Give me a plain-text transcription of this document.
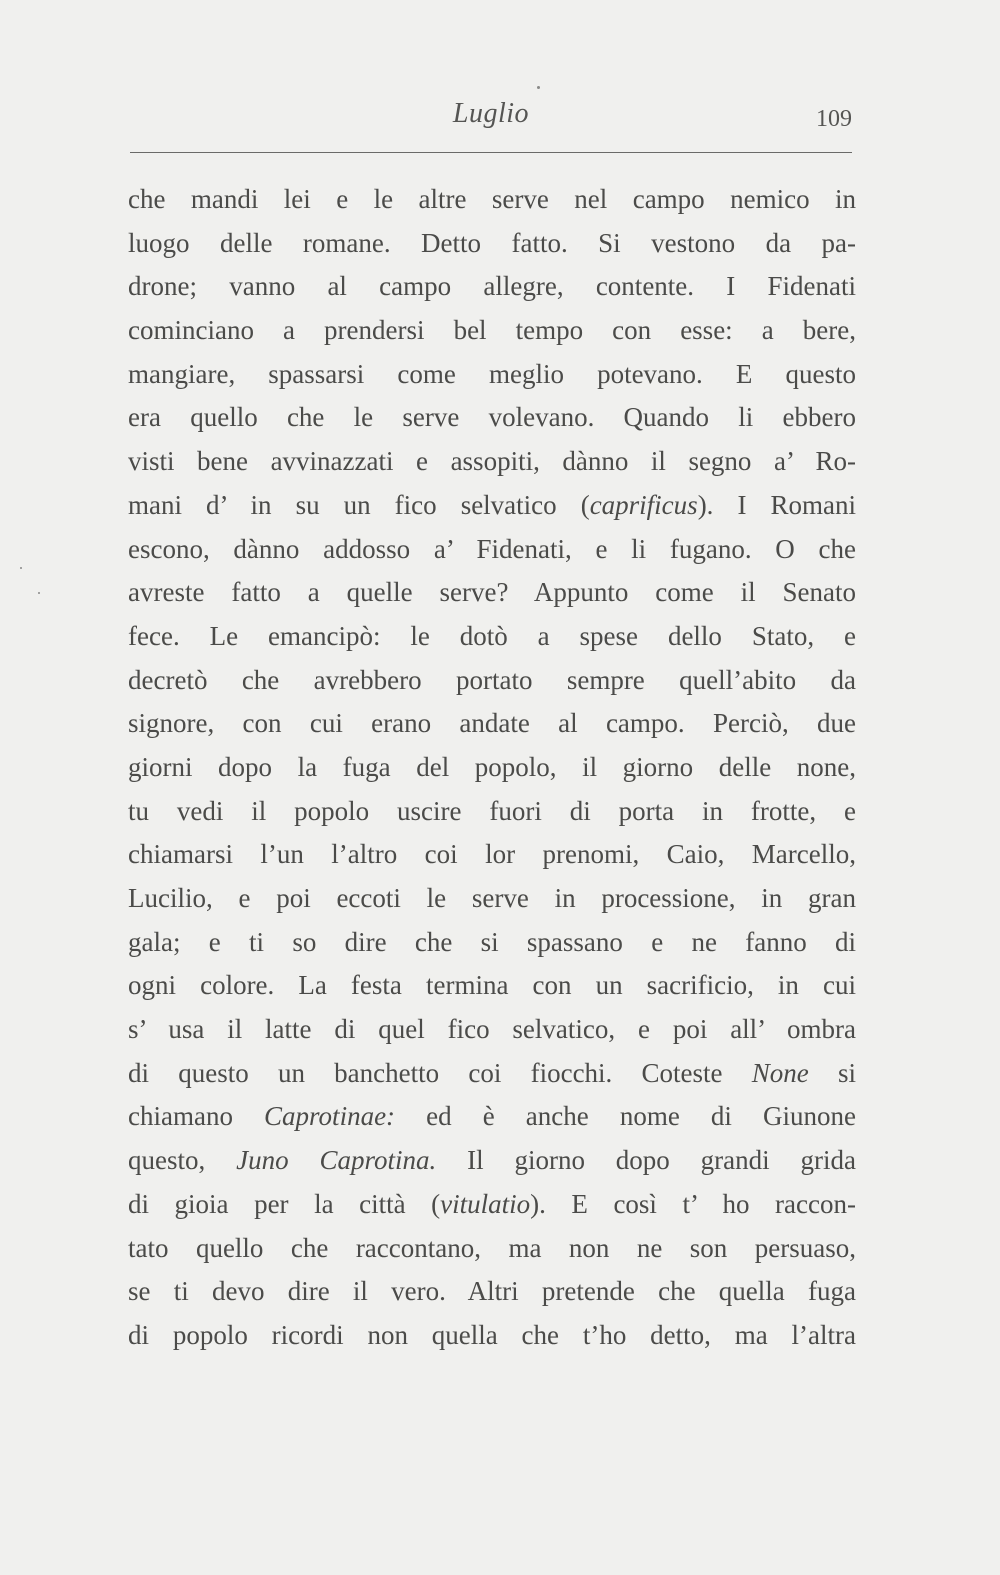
Luglio	109
che mandi lei e le altre serve nel campo nemico in
luogo delle romane. Detto fatto. Si vestono da pa-
drone; vanno al campo allegre, contente. I Fidenati
cominciano a prendersi bel tempo con esse: a bere,
mangiare, spassarsi come meglio potevano. E questo
era quello che le serve volevano. Quando li ebbero
visti bene avvinazzati e assopiti, dànno il segno a’ Ro-
mani d’ in su un fico selvatico (caprificus). I Romani
escono, dànno addosso a’ Fidenati, e li fugano. O che
avreste fatto a quelle serve? Appunto come il Senato
fece. Le emancipò: le dotò a spese dello Stato, e
decretò che avrebbero portato sempre quell’abito da
signore, con cui erano andate al campo. Perciò, due
giorni dopo la fuga del popolo, il giorno delle none,
tu vedi il popolo uscire fuori di porta in frotte, e
chiamarsi l’un l’altro coi lor prenomi, Caio, Marcello,
Lucilio, e poi eccoti le serve in processione, in gran
gala; e ti so dire che si spassano e ne fanno di
ogni colore. La festa termina con un sacrificio, in cui
s’ usa il latte di quel fico selvatico, e poi all’ ombra
di questo un banchetto coi fiocchi. Coteste None si
chiamano Caprotinae: ed è anche nome di Giunone
questo, Juno Caprotina. Il giorno dopo grandi grida
di gioia per la città (vitulatio). E così t’ ho raccon-
tato quello che raccontano, ma non ne son persuaso,
se ti devo dire il vero. Altri pretende che quella fuga
di popolo ricordi non quella che t’ho detto, ma l’altra
